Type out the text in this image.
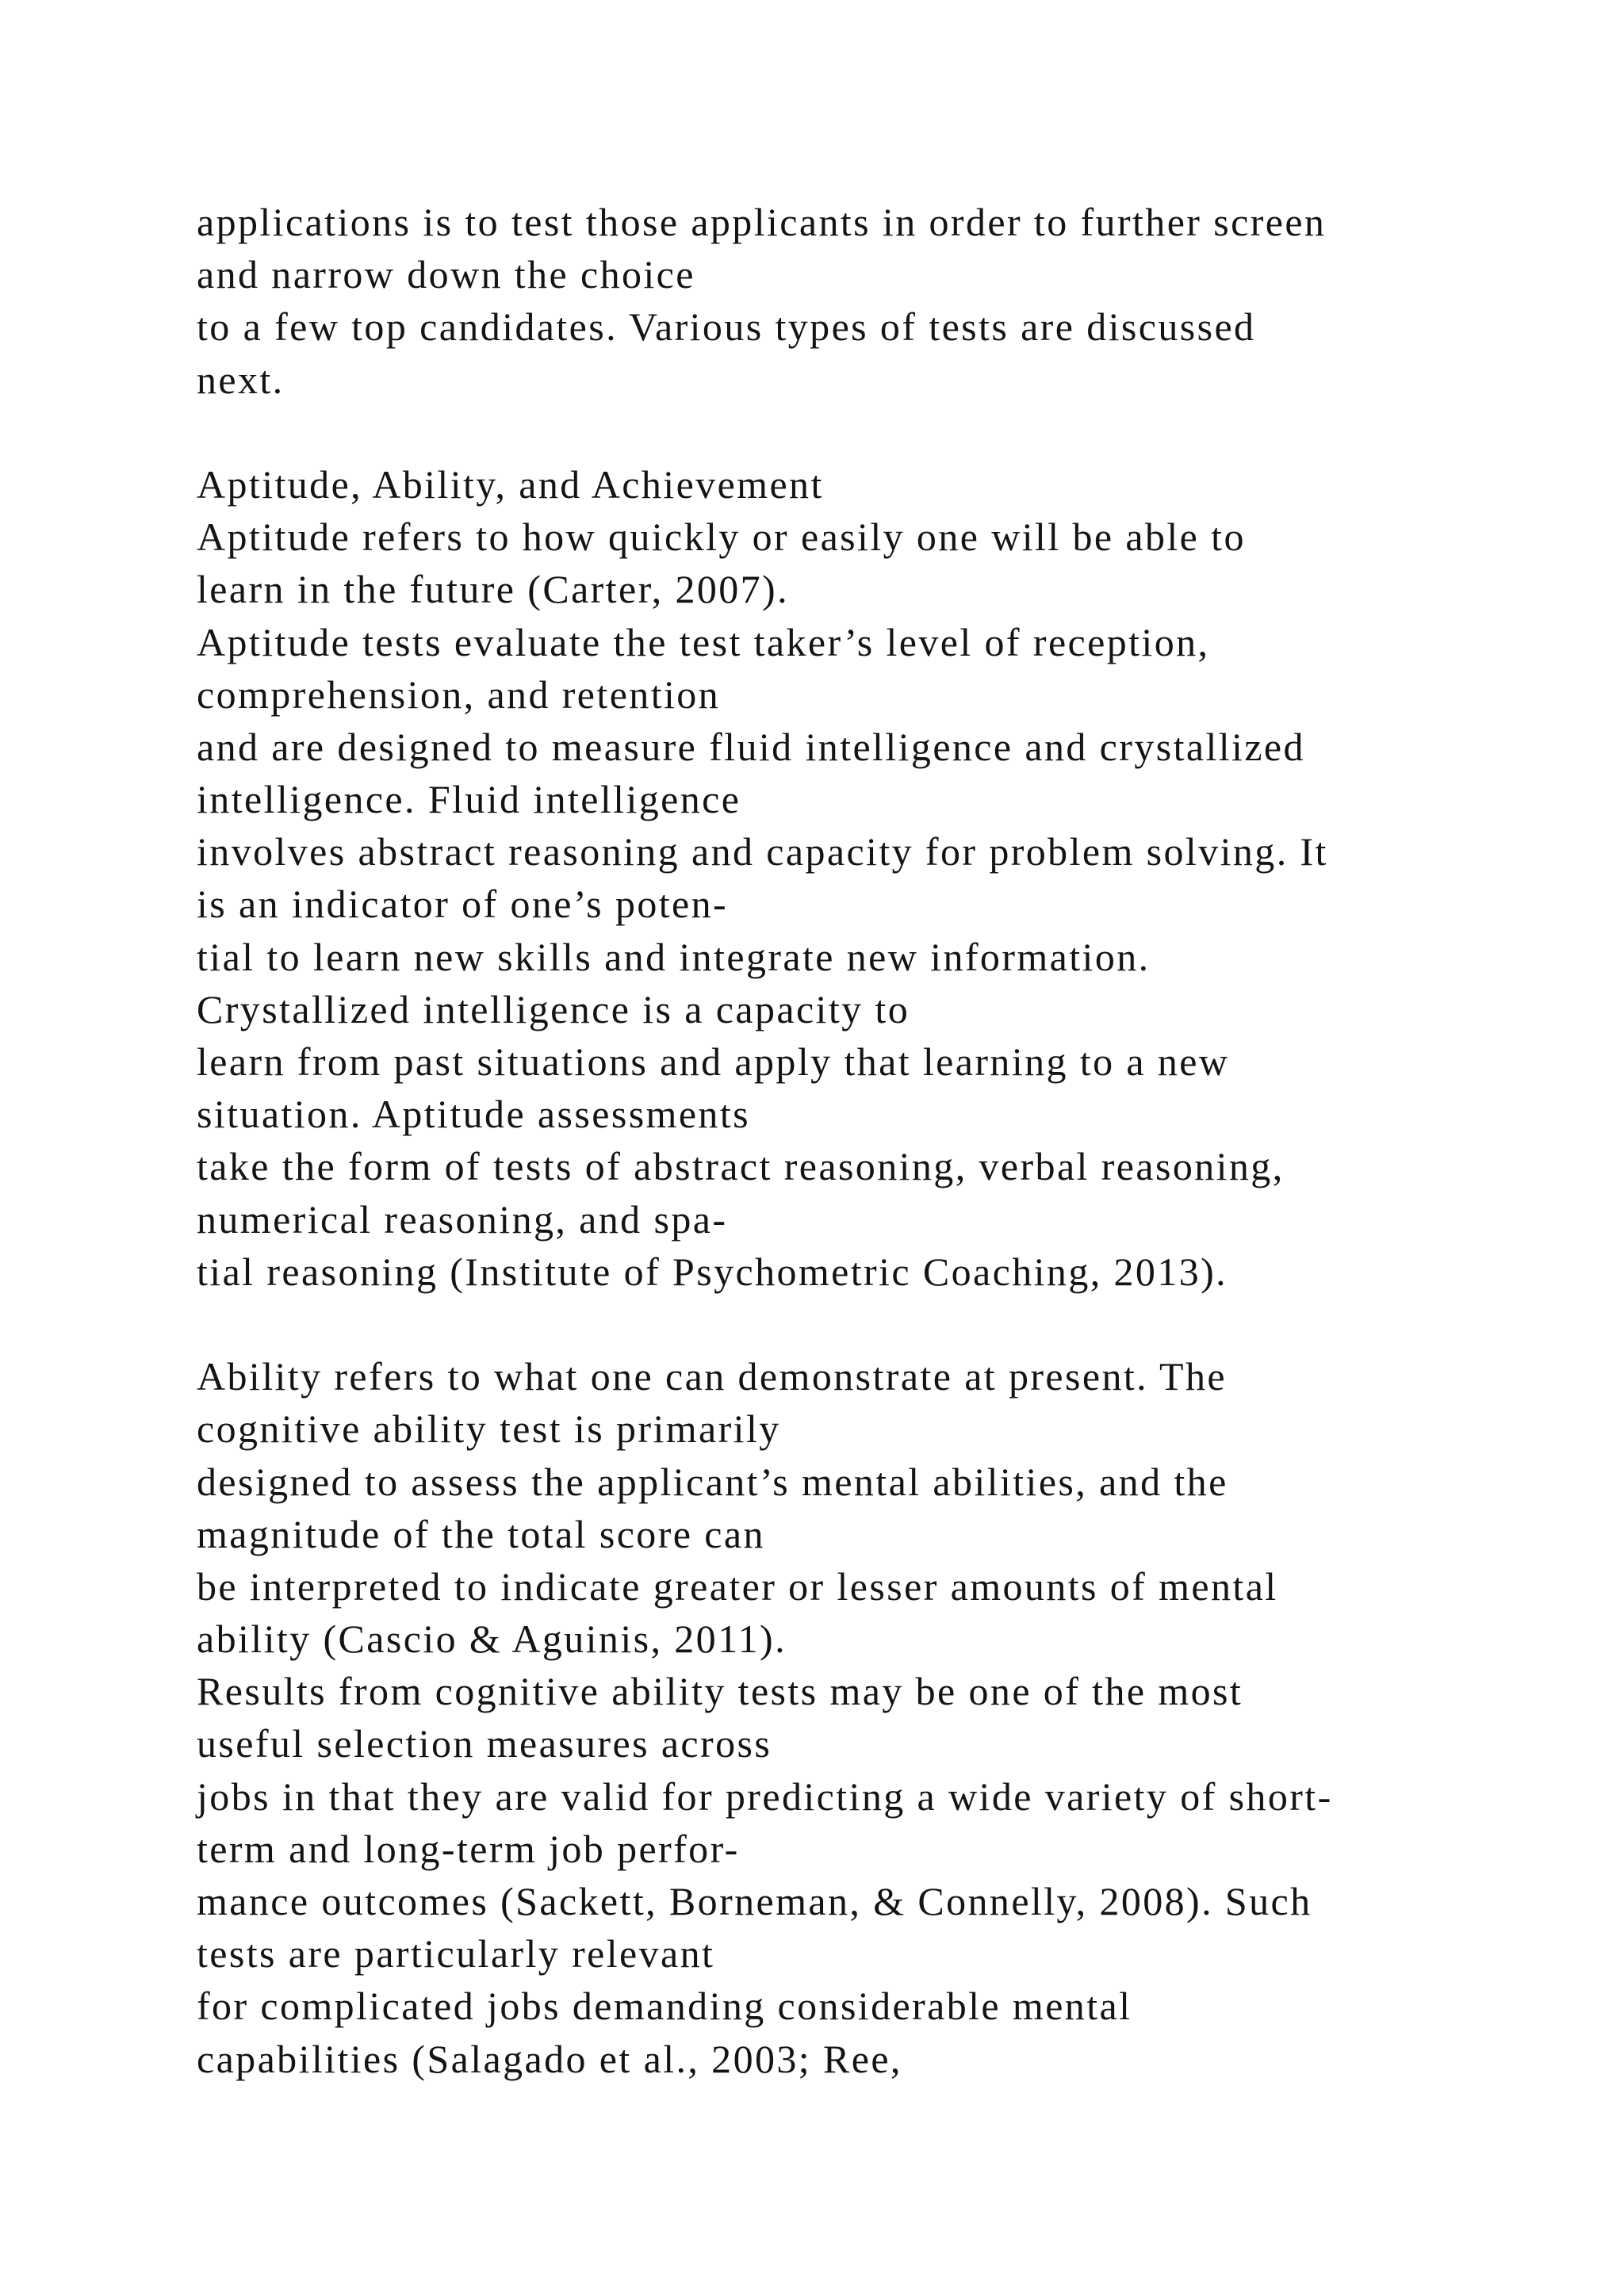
applications is to test those applicants in order to further screen
and narrow down the choice
to a few top candidates. Various types of tests are discussed
next.
Aptitude, Ability, and Achievement
Aptitude refers to how quickly or easily one will be able to
learn in the future (Carter, 2007).
Aptitude tests evaluate the test taker’s level of reception,
comprehension, and retention
and are designed to measure fluid intelligence and crystallized
intelligence. Fluid intelligence
involves abstract reasoning and capacity for problem solving. It
is an indicator of one’s poten-
tial to learn new skills and integrate new information.
Crystallized intelligence is a capacity to
learn from past situations and apply that learning to a new
situation. Aptitude assessments
take the form of tests of abstract reasoning, verbal reasoning,
numerical reasoning, and spa-
tial reasoning (Institute of Psychometric Coaching, 2013).
Ability refers to what one can demonstrate at present. The
cognitive ability test is primarily
designed to assess the applicant’s mental abilities, and the
magnitude of the total score can
be interpreted to indicate greater or lesser amounts of mental
ability (Cascio & Aguinis, 2011).
Results from cognitive ability tests may be one of the most
useful selection measures across
jobs in that they are valid for predicting a wide variety of short-
term and long-term job perfor-
mance outcomes (Sackett, Borneman, & Connelly, 2008). Such
tests are particularly relevant
for complicated jobs demanding considerable mental
capabilities (Salagado et al., 2003; Ree,
